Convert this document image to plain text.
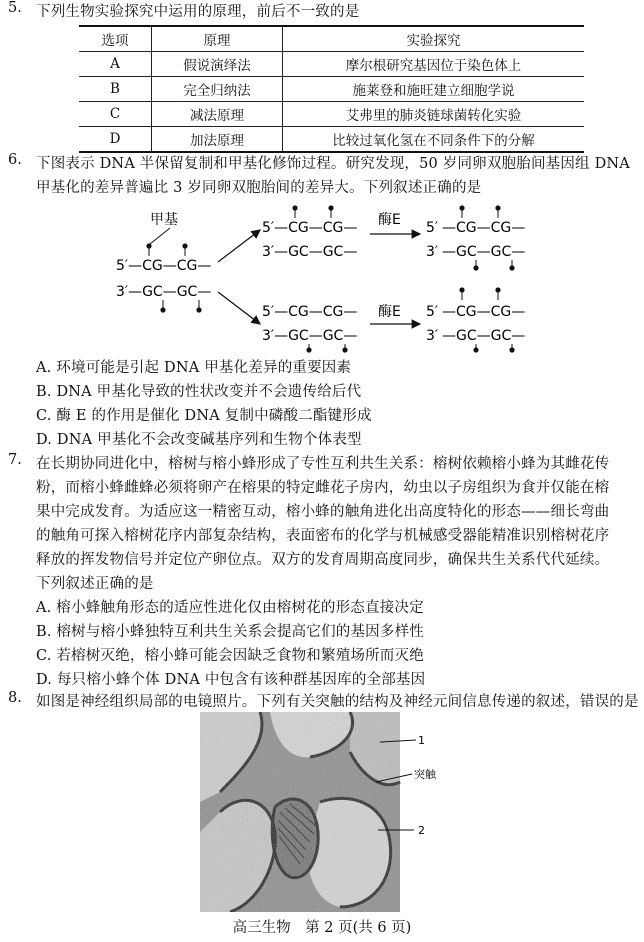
5. 下列生物实验探究中运用的原理，前后不一致的是
选项	原理	实验探究
A	假说演绎法	摩尔根研究基因位于染色体上
B	完全归纳法	施莱登和施旺建立细胞学说
C	减法原理	艾弗里的肺炎链球菌转化实验
D	加法原理	比较过氧化氢在不同条件下的分解
6. 下图表示 DNA 半保留复制和甲基化修饰过程。研究发现，50 岁同卵双胞胎间基因组 DNA
甲基化的差异普遍比 3 岁同卵双胞胎间的差异大。下列叙述正确的是
甲基
5′—CG—CG—
3′—GC—GC—
5′—CG—CG—
3′—GC—GC—
酶E 5′ —CG—CG—
3′ —GC—GC—
5′—CG—CG—
3′—GC—GC—
酶E 5′ —CG—CG—
3′ —GC—GC—
A. 环境可能是引起 DNA 甲基化差异的重要因素
B. DNA 甲基化导致的性状改变并不会遗传给后代
C. 酶 E 的作用是催化 DNA 复制中磷酸二酯键形成
D. DNA 甲基化不会改变碱基序列和生物个体表型
7. 在长期协同进化中，榕树与榕小蜂形成了专性互利共生关系：榕树依赖榕小蜂为其雌花传
粉，而榕小蜂雌蜂必须将卵产在榕果的特定雌花子房内，幼虫以子房组织为食并仅能在榕
果中完成发育。为适应这一精密互动，榕小蜂的触角进化出高度特化的形态——细长弯曲
的触角可探入榕树花序内部复杂结构，表面密布的化学与机械感受器能精准识别榕树花序
释放的挥发物信号并定位产卵位点。双方的发育周期高度同步，确保共生关系代代延续。
下列叙述正确的是
A. 榕小蜂触角形态的适应性进化仅由榕树花的形态直接决定
B. 榕树与榕小蜂独特互利共生关系会提高它们的基因多样性
C. 若榕树灭绝，榕小蜂可能会因缺乏食物和繁殖场所而灭绝
D. 每只榕小蜂个体 DNA 中包含有该种群基因库的全部基因
8. 如图是神经组织局部的电镜照片。下列有关突触的结构及神经元间信息传递的叙述，错误的是
1
突触
2
高三生物　第 2 页(共 6 页)
